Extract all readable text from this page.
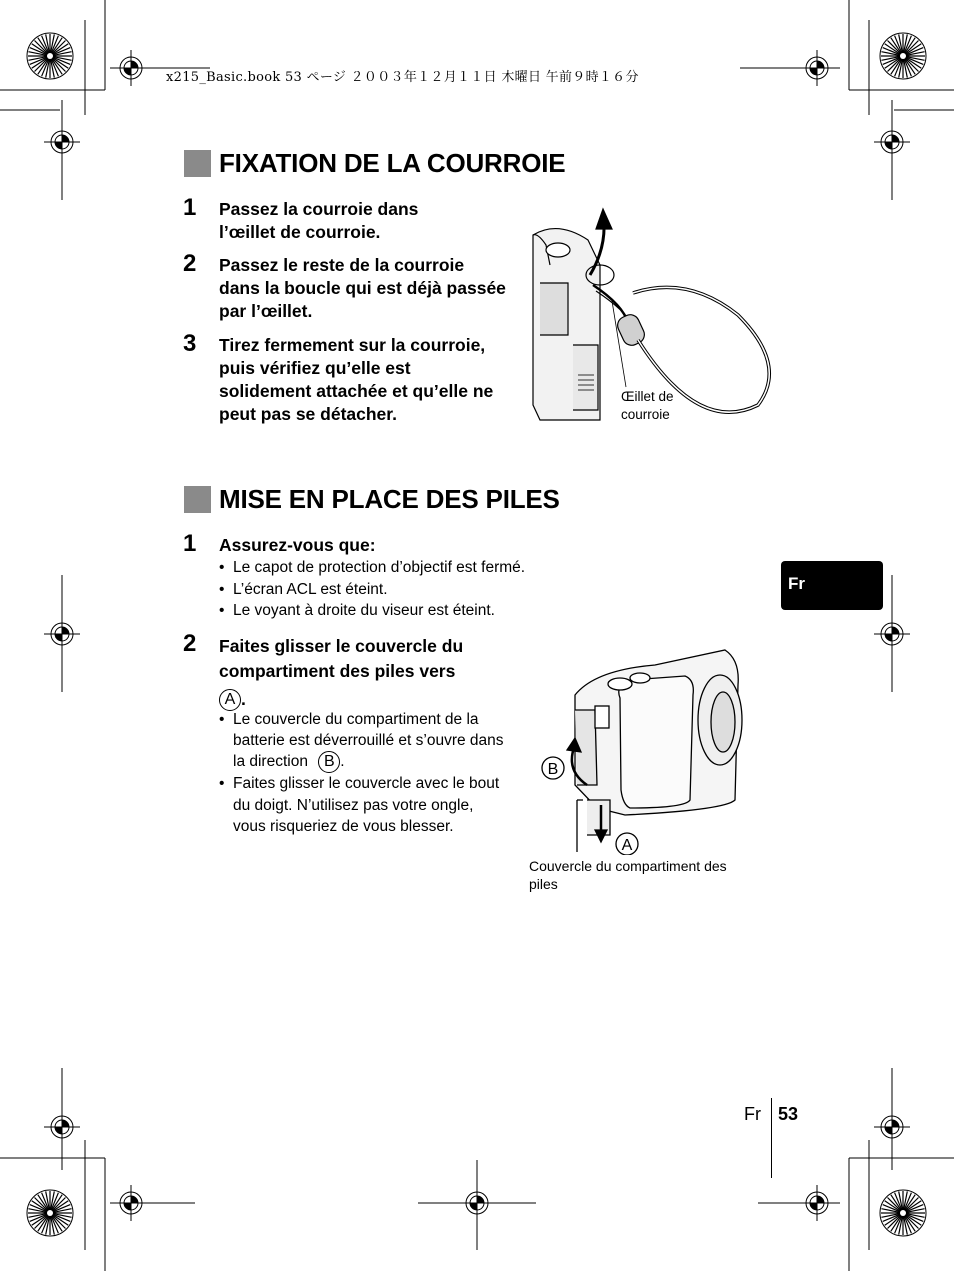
x215_Basic.book 53 ページ ２００３年１２月１１日 木曜日 午前９時１６分
FIXATION DE LA COURROIE
1 Passez la courroie dans l’œillet de courroie.
2 Passez le reste de la courroie dans la boucle qui est déjà passée par l’œillet.
3 Tirez fermement sur la courroie, puis vérifiez qu’elle est solidement attachée et qu’elle ne peut pas se détacher.
Œillet de courroie
MISE EN PLACE DES PILES
1 Assurez-vous que:
• Le capot de protection d’objectif est fermé.
• L’écran ACL est éteint.
• Le voyant à droite du viseur est éteint.
Fr
2 Faites glisser le couvercle du compartiment des piles vers
A .
• Le couvercle du compartiment de la batterie est déverrouillé et s’ouvre dans la direction B .
• Faites glisser le couvercle avec le bout du doigt. N’utilisez pas votre ongle, vous risqueriez de vous blesser.
B
A
Couvercle du compartiment des piles
Fr 53
